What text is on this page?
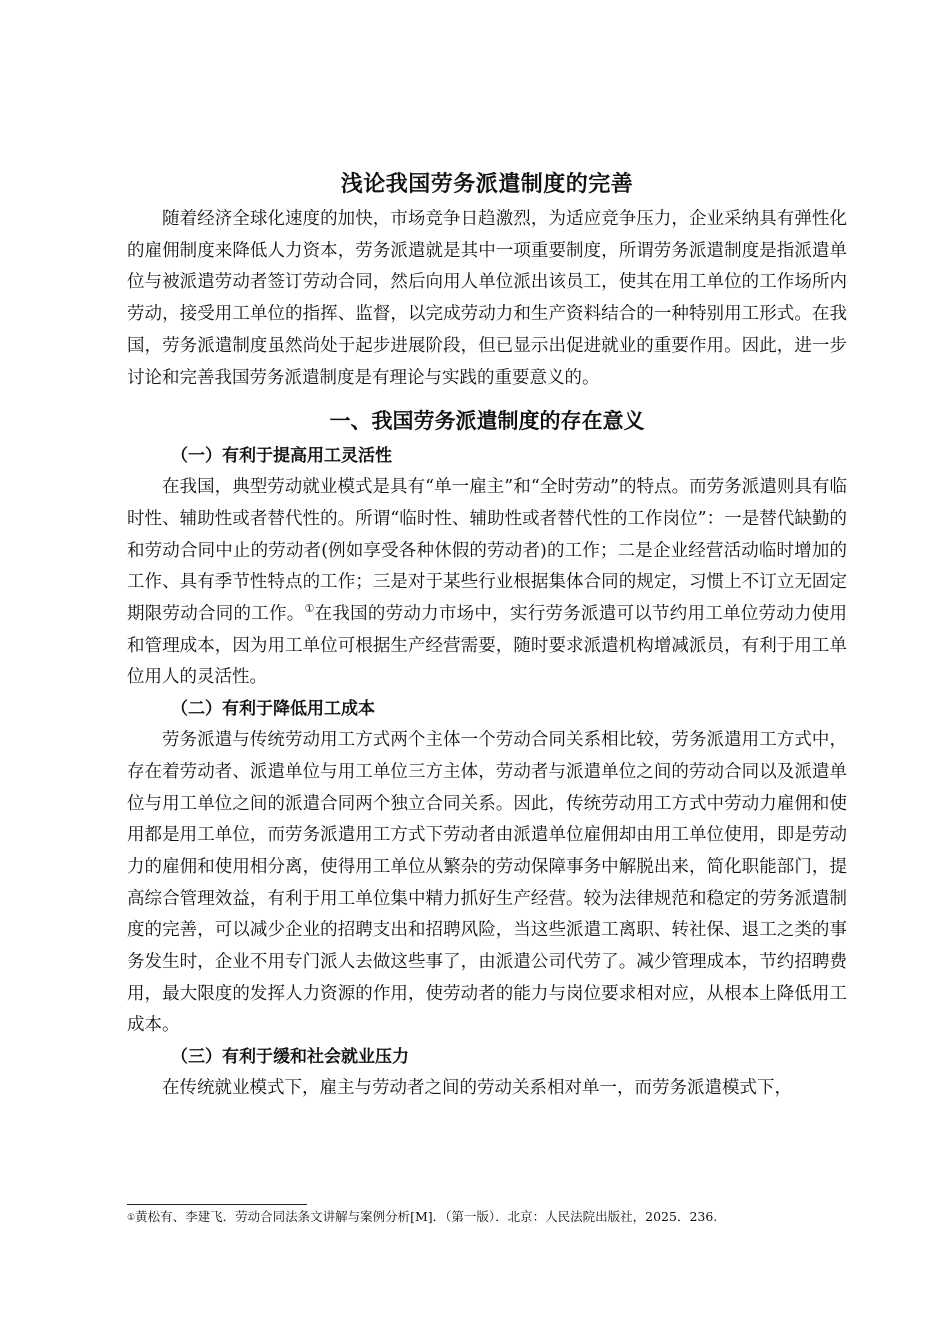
浅论我国劳务派遣制度的完善

随着经济全球化速度的加快，市场竞争日趋激烈，为适应竞争压力，企业采纳具有弹性化的雇佣制度来降低人力资本，劳务派遣就是其中一项重要制度，所谓劳务派遣制度是指派遣单位与被派遣劳动者签订劳动合同，然后向用人单位派出该员工，使其在用工单位的工作场所内劳动，接受用工单位的指挥、监督，以完成劳动力和生产资料结合的一种特别用工形式。在我国，劳务派遣制度虽然尚处于起步进展阶段，但已显示出促进就业的重要作用。因此，进一步讨论和完善我国劳务派遣制度是有理论与实践的重要意义的。

一、我国劳务派遣制度的存在意义
（一）有利于提高用工灵活性

在我国，典型劳动就业模式是具有“单一雇主”和“全时劳动”的特点。而劳务派遣则具有临时性、辅助性或者替代性的。所谓“临时性、辅助性或者替代性的工作岗位”：一是替代缺勤的和劳动合同中止的劳动者(例如享受各种休假的劳动者)的工作；二是企业经营活动临时增加的工作、具有季节性特点的工作；三是对于某些行业根据集体合同的规定，习惯上不订立无固定期限劳动合同的工作。①在我国的劳动力市场中，实行劳务派遣可以节约用工单位劳动力使用和管理成本，因为用工单位可根据生产经营需要，随时要求派遣机构增减派员，有利于用工单位用人的灵活性。

（二）有利于降低用工成本

劳务派遣与传统劳动用工方式两个主体一个劳动合同关系相比较，劳务派遣用工方式中，存在着劳动者、派遣单位与用工单位三方主体，劳动者与派遣单位之间的劳动合同以及派遣单位与用工单位之间的派遣合同两个独立合同关系。因此，传统劳动用工方式中劳动力雇佣和使用都是用工单位，而劳务派遣用工方式下劳动者由派遣单位雇佣却由用工单位使用，即是劳动力的雇佣和使用相分离，使得用工单位从繁杂的劳动保障事务中解脱出来，简化职能部门，提高综合管理效益，有利于用工单位集中精力抓好生产经营。较为法律规范和稳定的劳务派遣制度的完善，可以减少企业的招聘支出和招聘风险，当这些派遣工离职、转社保、退工之类的事务发生时，企业不用专门派人去做这些事了，由派遣公司代劳了。减少管理成本，节约招聘费用，最大限度的发挥人力资源的作用，使劳动者的能力与岗位要求相对应，从根本上降低用工成本。

（三）有利于缓和社会就业压力

在传统就业模式下，雇主与劳动者之间的劳动关系相对单一，而劳务派遣模式下，

①黄松有、李建飞．劳动合同法条文讲解与案例分析[M]．（第一版）．北京：人民法院出版社，2025．236.
